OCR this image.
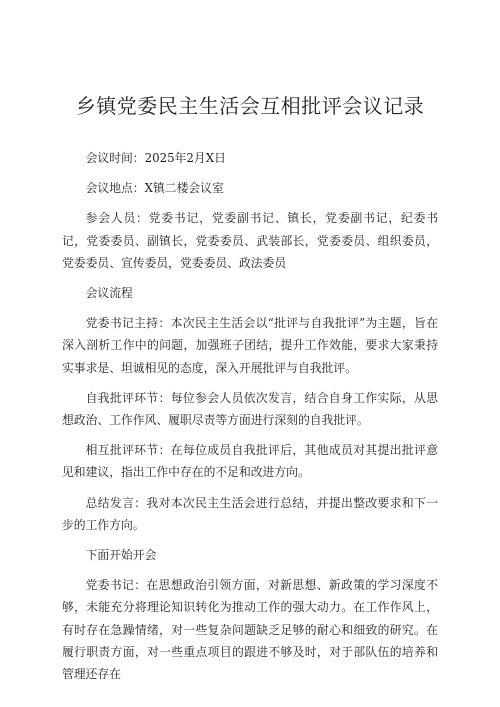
乡镇党委民主生活会互相批评会议记录

会议时间：2025年2月X日

会议地点：X镇二楼会议室

参会人员：党委书记，党委副书记、镇长，党委副书记，纪委书记，党委委员、副镇长，党委委员、武装部长，党委委员、组织委员，党委委员、宣传委员，党委委员、政法委员

会议流程

党委书记主持：本次民主生活会以“批评与自我批评”为主题，旨在深入剖析工作中的问题，加强班子团结，提升工作效能，要求大家秉持实事求是、坦诚相见的态度，深入开展批评与自我批评。

自我批评环节：每位参会人员依次发言，结合自身工作实际，从思想政治、工作作风、履职尽责等方面进行深刻的自我批评。

相互批评环节：在每位成员自我批评后，其他成员对其提出批评意见和建议，指出工作中存在的不足和改进方向。

总结发言：我对本次民主生活会进行总结，并提出整改要求和下一步的工作方向。

下面开始开会

党委书记：在思想政治引领方面，对新思想、新政策的学习深度不够，未能充分将理论知识转化为推动工作的强大动力。在工作作风上，有时存在急躁情绪，对一些复杂问题缺乏足够的耐心和细致的研究。在履行职责方面，对一些重点项目的跟进不够及时，对于部队伍的培养和管理还存在
